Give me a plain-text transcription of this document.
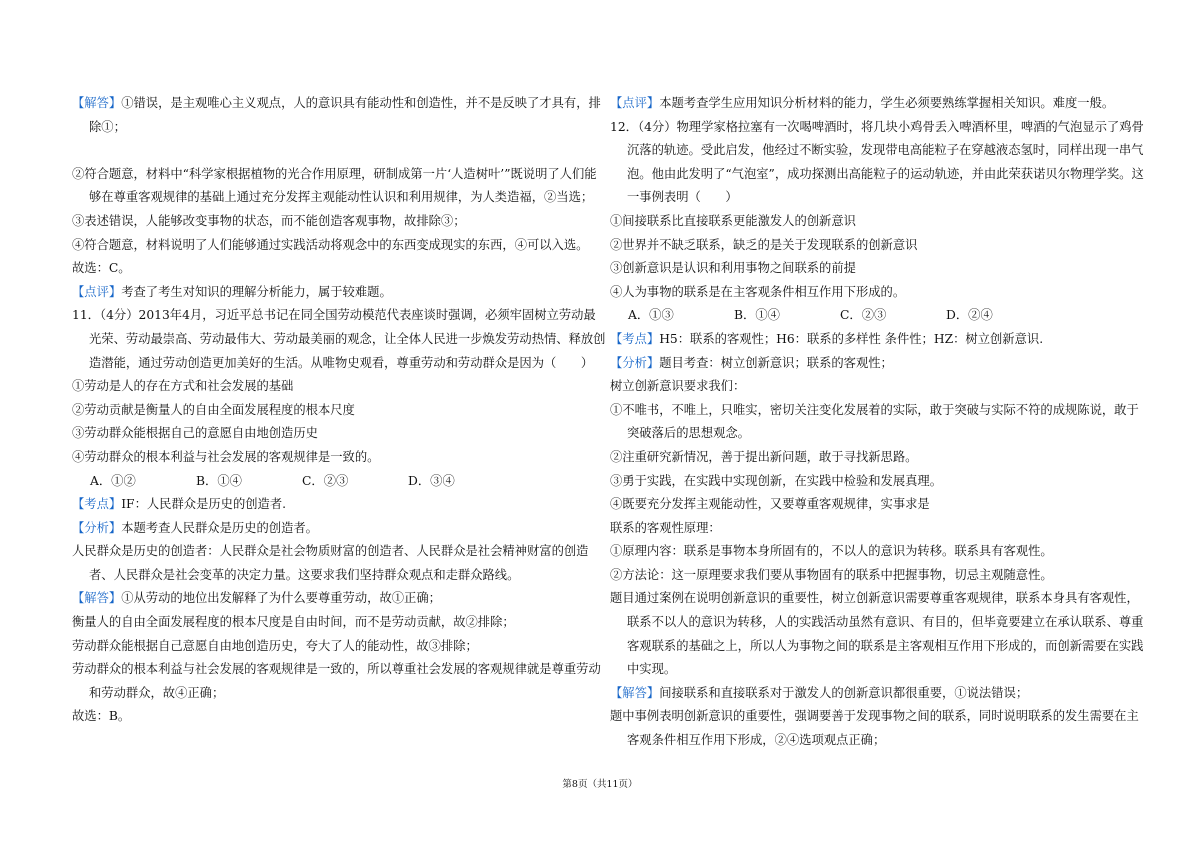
【解答】①错误，是主观唯心主义观点，人的意识具有能动性和创造性，并不是反映了才具有，排除①；

②符合题意，材料中“科学家根据植物的光合作用原理，研制成第一片‘人造树叶’”既说明了人们能够在尊重客观规律的基础上通过充分发挥主观能动性认识和利用规律，为人类造福，②当选；

③表述错误，人能够改变事物的状态，而不能创造客观事物，故排除③；

④符合题意，材料说明了人们能够通过实践活动将观念中的东西变成现实的东西，④可以入选。

故选：C。

【点评】考查了考生对知识的理解分析能力，属于较难题。

11．（4分）2013年4月，习近平总书记在同全国劳动模范代表座谈时强调，必须牢固树立劳动最光荣、劳动最崇高、劳动最伟大、劳动最美丽的观念，让全体人民进一步焕发劳动热情、释放创造潜能，通过劳动创造更加美好的生活。从唯物史观看，尊重劳动和劳动群众是因为（　　）

①劳动是人的存在方式和社会发展的基础

②劳动贡献是衡量人的自由全面发展程度的根本尺度

③劳动群众能根据自己的意愿自由地创造历史

④劳动群众的根本利益与社会发展的客观规律是一致的。

A．①②	B．①④	C．②③	D．③④

【考点】IF：人民群众是历史的创造者.

【分析】本题考查人民群众是历史的创造者。

人民群众是历史的创造者：人民群众是社会物质财富的创造者、人民群众是社会精神财富的创造者、人民群众是社会变革的决定力量。这要求我们坚持群众观点和走群众路线。

【解答】①从劳动的地位出发解释了为什么要尊重劳动，故①正确；

衡量人的自由全面发展程度的根本尺度是自由时间，而不是劳动贡献，故②排除；

劳动群众能根据自己意愿自由地创造历史，夸大了人的能动性，故③排除；

劳动群众的根本利益与社会发展的客观规律是一致的，所以尊重社会发展的客观规律就是尊重劳动和劳动群众，故④正确；

故选：B。

【点评】本题考查学生应用知识分析材料的能力，学生必须要熟练掌握相关知识。难度一般。

12．（4分）物理学家格拉塞有一次喝啤酒时，将几块小鸡骨丢入啤酒杯里，啤酒的气泡显示了鸡骨沉落的轨迹。受此启发，他经过不断实验，发现带电高能粒子在穿越液态氢时，同样出现一串气泡。他由此发明了“气泡室”，成功探测出高能粒子的运动轨迹，并由此荣获诺贝尔物理学奖。这一事例表明（　　）

①间接联系比直接联系更能激发人的创新意识

②世界并不缺乏联系，缺乏的是关于发现联系的创新意识

③创新意识是认识和利用事物之间联系的前提

④人为事物的联系是在主客观条件相互作用下形成的。

A．①③	B．①④	C．②③	D．②④

【考点】H5：联系的客观性；H6：联系的多样性 条件性；HZ：树立创新意识.

【分析】题目考查：树立创新意识；联系的客观性；

树立创新意识要求我们：

①不唯书，不唯上，只唯实，密切关注变化发展着的实际，敢于突破与实际不符的成规陈说，敢于突破落后的思想观念。

②注重研究新情况，善于提出新问题，敢于寻找新思路。

③勇于实践，在实践中实现创新，在实践中检验和发展真理。

④既要充分发挥主观能动性，又要尊重客观规律，实事求是

联系的客观性原理：

①原理内容：联系是事物本身所固有的，不以人的意识为转移。联系具有客观性。

②方法论：这一原理要求我们要从事物固有的联系中把握事物，切忌主观随意性。

题目通过案例在说明创新意识的重要性，树立创新意识需要尊重客观规律，联系本身具有客观性，联系不以人的意识为转移，人的实践活动虽然有意识、有目的，但毕竟要建立在承认联系、尊重客观联系的基础之上，所以人为事物之间的联系是主客观相互作用下形成的，而创新需要在实践中实现。

【解答】间接联系和直接联系对于激发人的创新意识都很重要，①说法错误；

题中事例表明创新意识的重要性，强调要善于发现事物之间的联系，同时说明联系的发生需要在主客观条件相互作用下形成，②④选项观点正确；

第8页（共11页）
